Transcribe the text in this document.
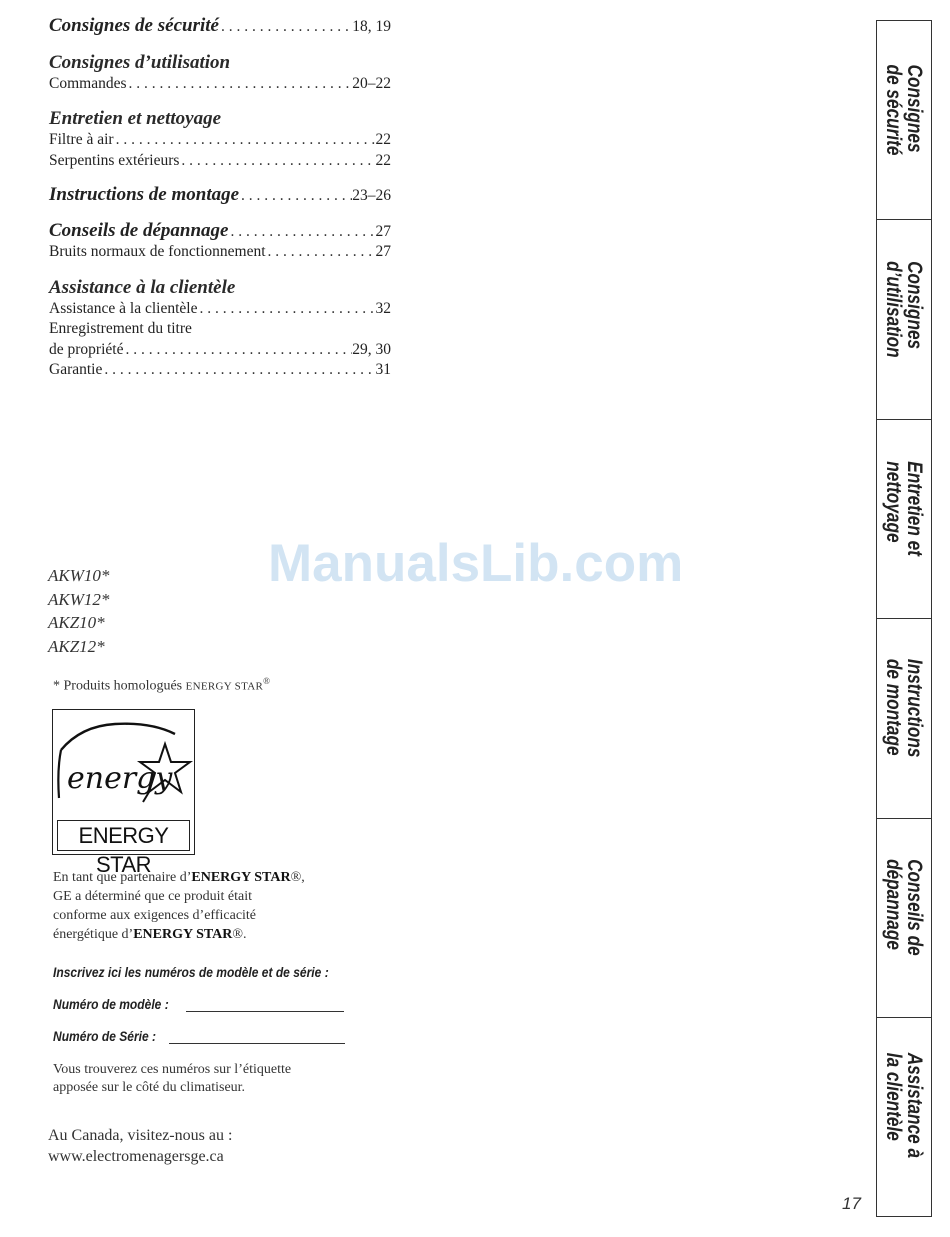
Consignes de sécurité . . .	18, 19
Consignes d’utilisation
Commandes . . .	20–22
Entretien et nettoyage
Filtre à air . . .	22
Serpentins extérieurs . . .	22
Instructions de montage . . .	23–26
Conseils de dépannage . . .	27
Bruits normaux de fonctionnement . . .	27
Assistance à la clientèle
Assistance à la clientèle . . .	32
Enregistrement du titre
de propriété . . .	29, 30
Garantie . . .	31
ManualsLib.com
AKW10*
AKW12*
AKZ10*
AKZ12*
* Produits homologués ENERGY STAR®
energy
ENERGY STAR
En tant que partenaire d’ENERGY STAR®,
GE a déterminé que ce produit était
conforme aux exigences d’efficacité
énergétique d’ENERGY STAR®.
Inscrivez ici les numéros de modèle et de série :
Numéro de modèle :
Numéro de Série :
Vous trouverez ces numéros sur l’étiquette
apposée sur le côté du climatiseur.
Au Canada, visitez-nous au :
www.electromenagersge.ca
17
Consignes
de sécurité
Consignes
d’utilisation
Entretien et
nettoyage
Instructions
de montage
Conseils de
dépannage
Assistance à
la clientèle
